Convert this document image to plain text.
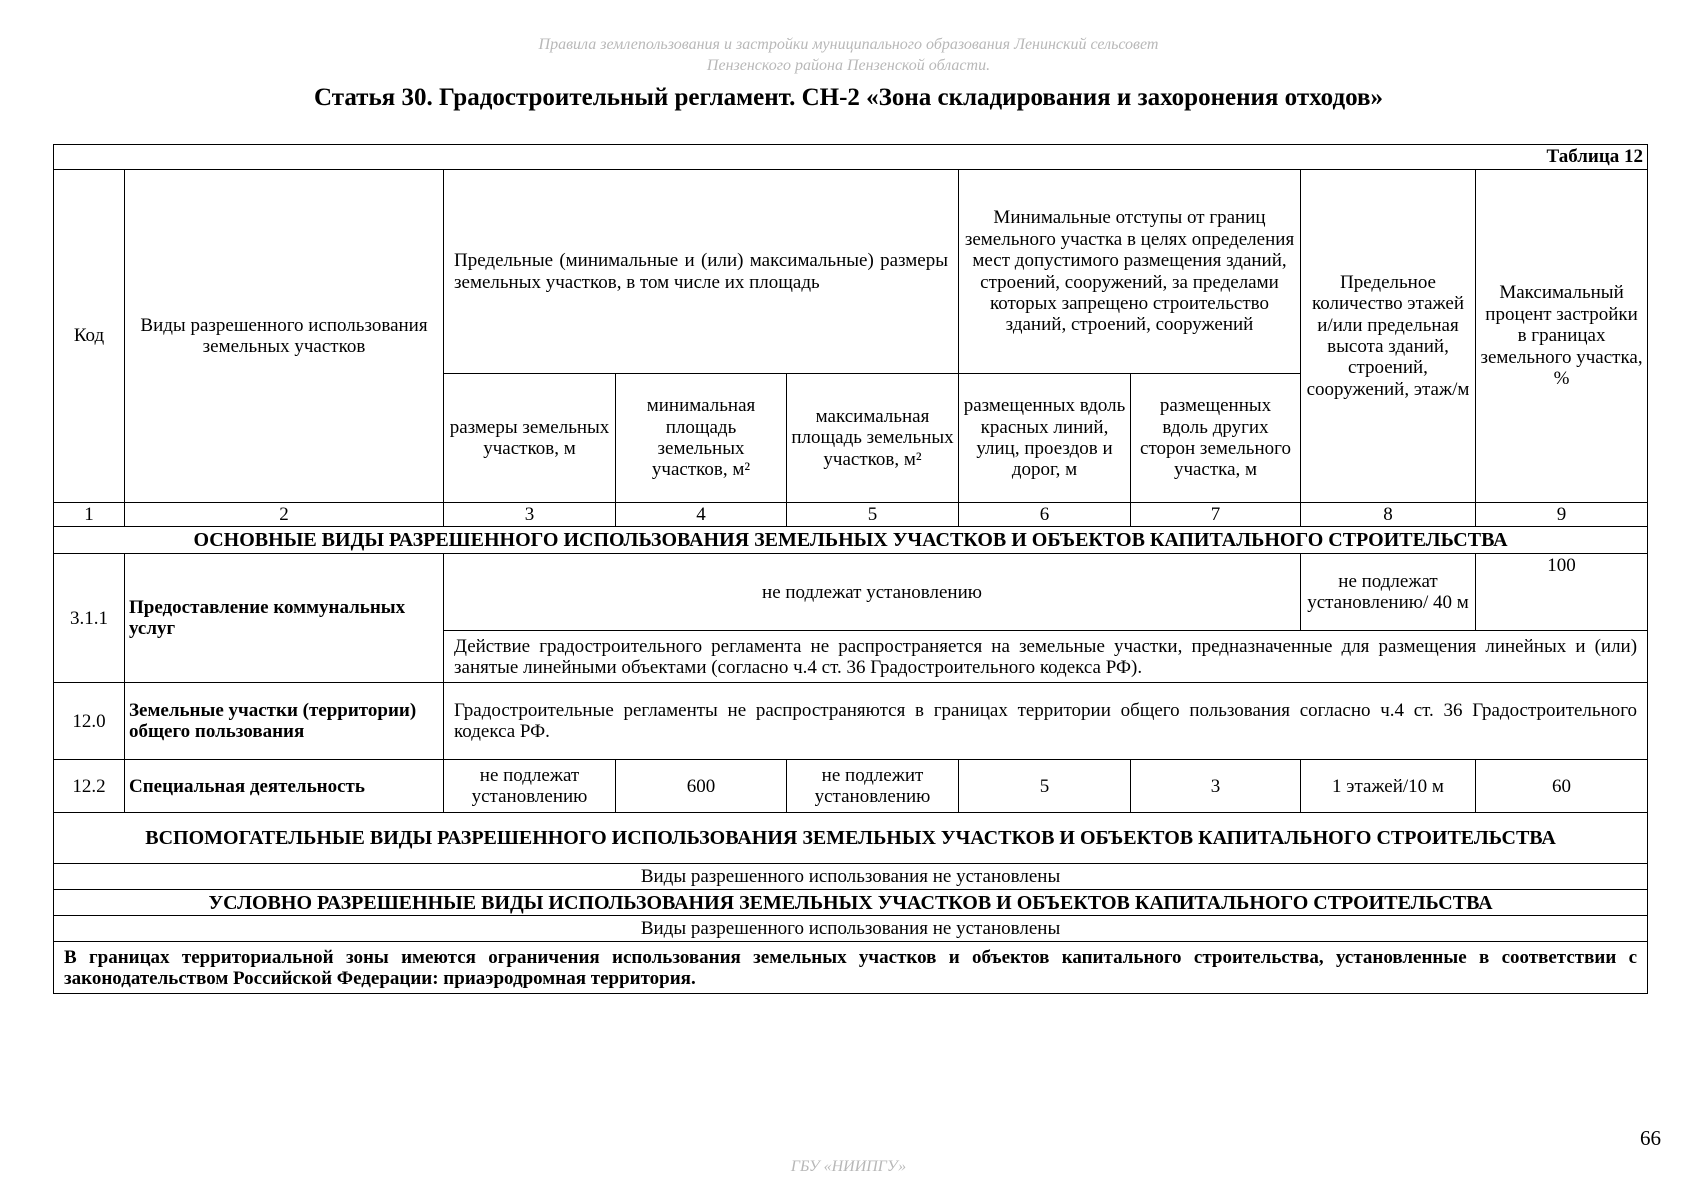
Правила землепользования и застройки муниципального образования Ленинский сельсовет
Пензенского района Пензенской области.
Статья 30. Градостроительный регламент. СН-2 «Зона складирования и захоронения отходов»
Таблица 12								
Код	Виды разрешенного использования земельных участков	Предельные (минимальные и (или) максимальные) размеры земельных участков, в том числе их площадь			Минимальные отступы от границ земельного участка в целях определения мест допустимого размещения зданий, строений, сооружений, за пределами которых запрещено строительство зданий, строений, сооружений		Предельное количество этажей и/или предельная высота зданий, строений, сооружений, этаж/м	Максимальный процент застройки в границах земельного участка, %
		размеры земельных участков, м	минимальная площадь земельных участков, м²	максимальная площадь земельных участков, м²	размещенных вдоль красных линий, улиц, проездов и дорог, м	размещенных вдоль других сторон земельного участка, м		
1	2	3	4	5	6	7	8	9
ОСНОВНЫЕ ВИДЫ РАЗРЕШЕННОГО ИСПОЛЬЗОВАНИЯ ЗЕМЕЛЬНЫХ УЧАСТКОВ И ОБЪЕКТОВ КАПИТАЛЬНОГО СТРОИТЕЛЬСТВА								
3.1.1	Предоставление коммунальных услуг	не подлежат установлению					не подлежат установлению/ 40 м	100
		Действие градостроительного регламента не распространяется на земельные участки, предназначенные для размещения линейных и (или) занятые линейными объектами (согласно ч.4 ст. 36 Градостроительного кодекса РФ).						
12.0	Земельные участки (территории) общего пользования	Градостроительные регламенты не распространяются в границах территории общего пользования согласно ч.4 ст. 36 Градостроительного кодекса РФ.						
12.2	Специальная деятельность	не подлежат установлению	600	не подлежит установлению	5	3	1 этажей/10 м	60
ВСПОМОГАТЕЛЬНЫЕ ВИДЫ РАЗРЕШЕННОГО ИСПОЛЬЗОВАНИЯ ЗЕМЕЛЬНЫХ УЧАСТКОВ И ОБЪЕКТОВ КАПИТАЛЬНОГО СТРОИТЕЛЬСТВА								
Виды разрешенного использования не установлены								
УСЛОВНО РАЗРЕШЕННЫЕ ВИДЫ ИСПОЛЬЗОВАНИЯ ЗЕМЕЛЬНЫХ УЧАСТКОВ И ОБЪЕКТОВ КАПИТАЛЬНОГО СТРОИТЕЛЬСТВА								
Виды разрешенного использования не установлены								
В границах территориальной зоны имеются ограничения использования земельных участков и объектов капитального строительства, установленные в соответствии с законодательством Российской Федерации: приаэродромная территория.								
66
ГБУ «НИИПГУ»
